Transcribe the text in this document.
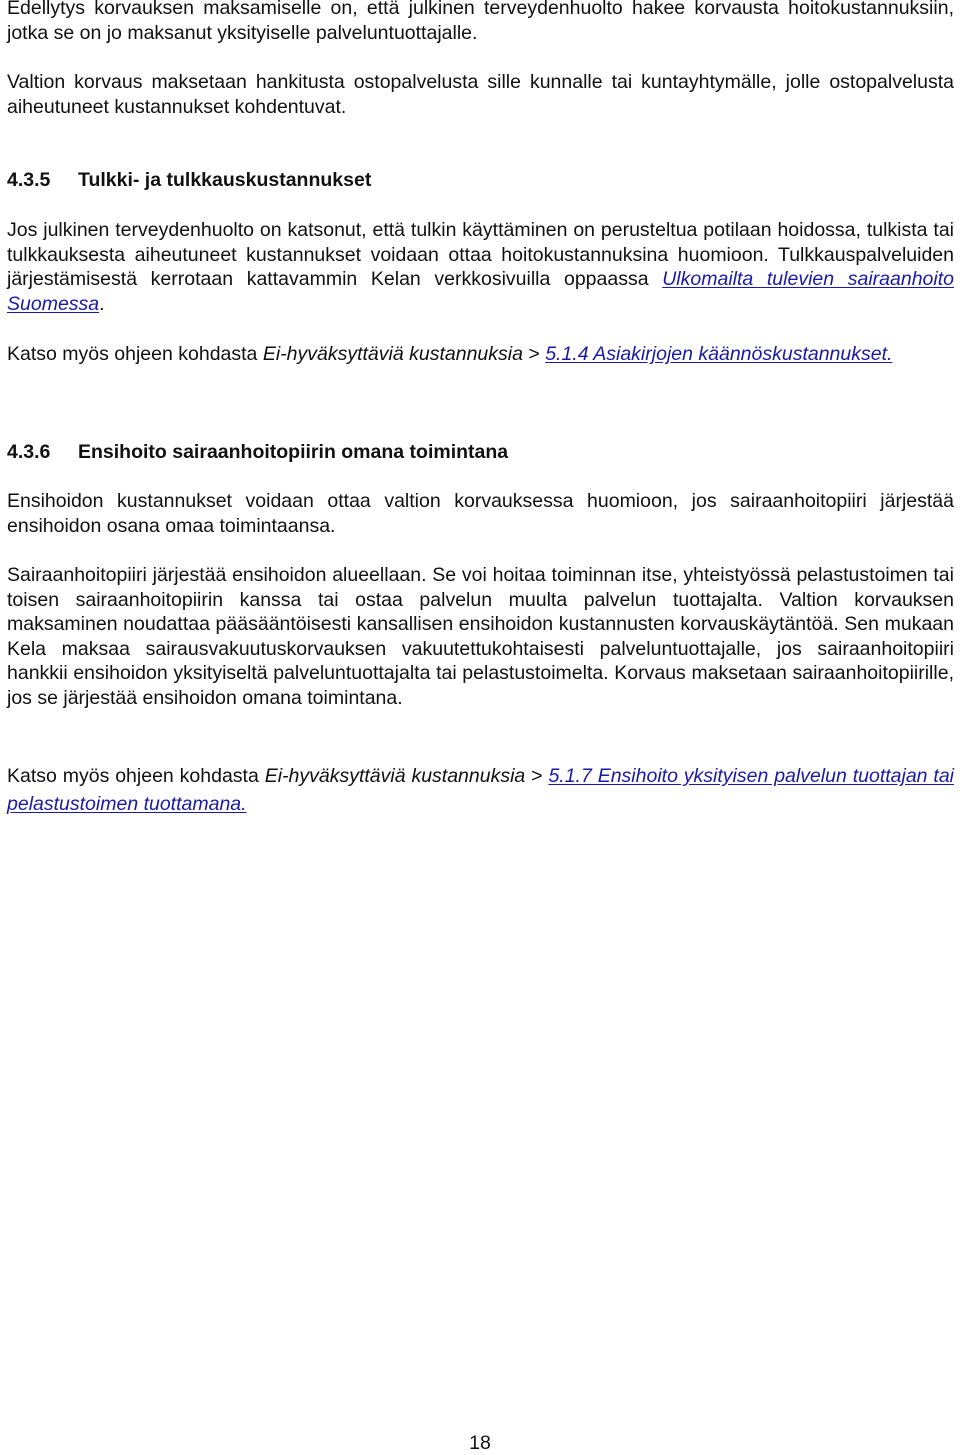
Edellytys korvauksen maksamiselle on, että julkinen terveydenhuolto hakee korvausta hoitokustannuksiin, jotka se on jo maksanut yksityiselle palveluntuottajalle.

Valtion korvaus maksetaan hankitusta ostopalvelusta sille kunnalle tai kuntayhtymälle, jolle ostopalvelusta aiheutuneet kustannukset kohdentuvat.

4.3.5 Tulkki- ja tulkkauskustannukset

Jos julkinen terveydenhuolto on katsonut, että tulkin käyttäminen on perusteltua potilaan hoidossa, tulkista tai tulkkauksesta aiheutuneet kustannukset voidaan ottaa hoitokustannuksina huomioon. Tulkkauspalveluiden järjestämisestä kerrotaan kattavammin Kelan verkkosivuilla oppaassa Ulkomailta tulevien sairaanhoito Suomessa.

Katso myös ohjeen kohdasta Ei-hyväksyttäviä kustannuksia > 5.1.4 Asiakirjojen käännöskustannukset.

4.3.6 Ensihoito sairaanhoitopiirin omana toimintana

Ensihoidon kustannukset voidaan ottaa valtion korvauksessa huomioon, jos sairaanhoitopiiri järjestää ensihoidon osana omaa toimintaansa.

Sairaanhoitopiiri järjestää ensihoidon alueellaan. Se voi hoitaa toiminnan itse, yhteistyössä pelastustoimen tai toisen sairaanhoitopiirin kanssa tai ostaa palvelun muulta palvelun tuottajalta. Valtion korvauksen maksaminen noudattaa pääsääntöisesti kansallisen ensihoidon kustannusten korvauskäytäntöä. Sen mukaan Kela maksaa sairausvakuutuskorvauksen vakuutettukohtaisesti palveluntuottajalle, jos sairaanhoitopiiri hankkii ensihoidon yksityiseltä palveluntuottajalta tai pelastustoimelta. Korvaus maksetaan sairaanhoitopiirille, jos se järjestää ensihoidon omana toimintana.

Katso myös ohjeen kohdasta Ei-hyväksyttäviä kustannuksia > 5.1.7 Ensihoito yksityisen palvelun tuottajan tai pelastustoimen tuottamana.

18
